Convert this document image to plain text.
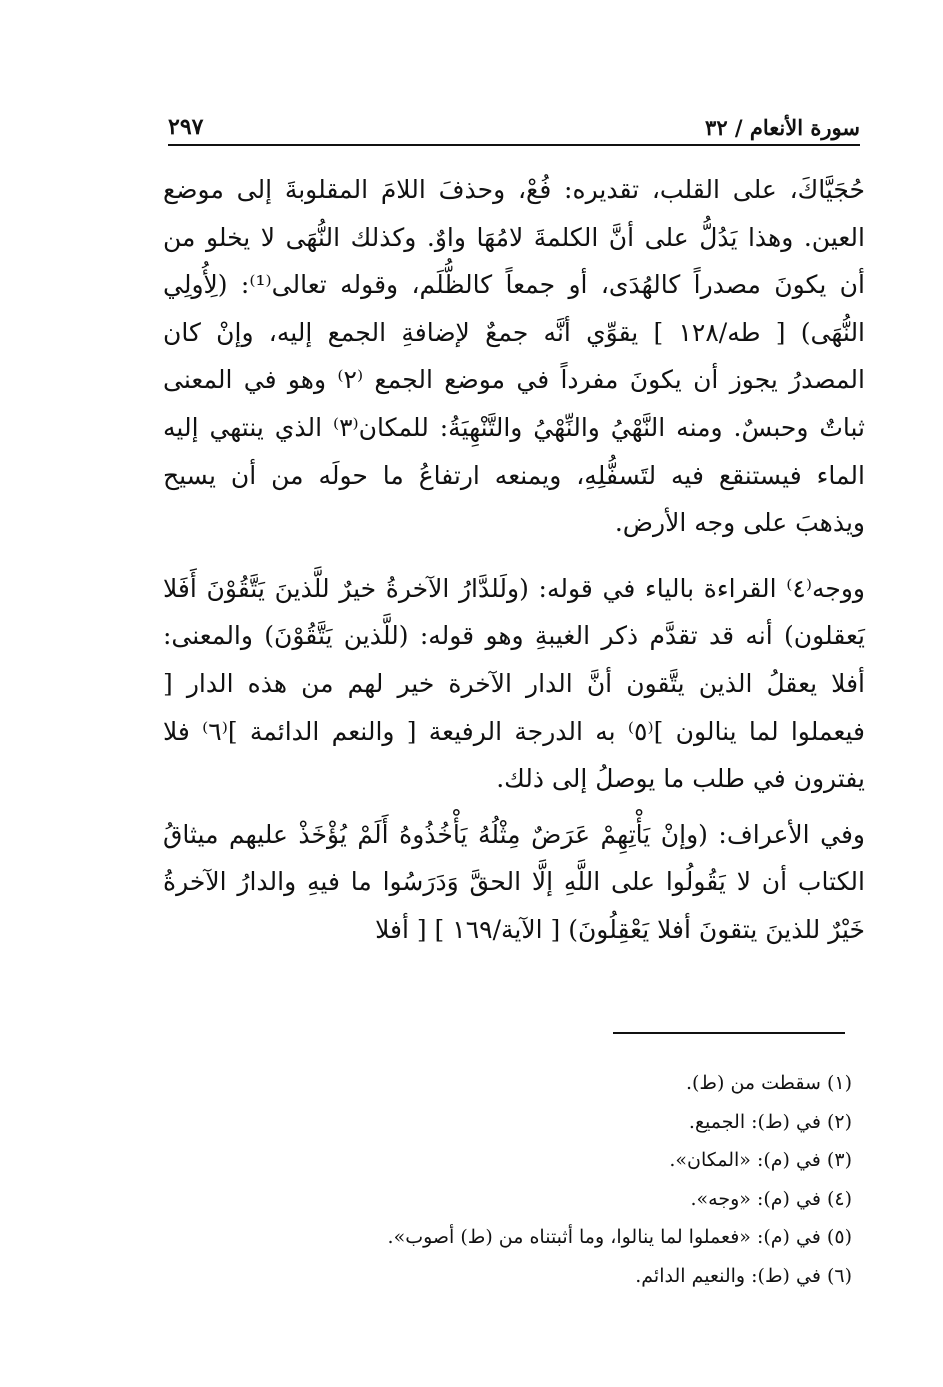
سورة الأنعام / ٣٢
٢٩٧

حُجَيَّاكَ، على القلب، تقديره: فُعْ، وحذفَ اللامَ المقلوبةَ إلى موضع العين. وهذا يَدُلُّ على أنَّ الكلمةَ لامُهَا واوٌ. وكذلك النُّهَى لا يخلو من أن يكونَ مصدراً كالهُدَى، أو جمعاً كالظُّلَم، وقوله تعالى⁽¹⁾: (لِأُولِي النُّهَى) [ طه/١٢٨ ] يقوِّي أنَّه جمعٌ لإضافةِ الجمع إليه، وإنْ كان المصدرُ يجوز أن يكونَ مفرداً في موضع الجمع ⁽٢⁾ وهو في المعنى ثباتٌ وحبسٌ. ومنه النَّهْيُ والنِّهْيُ والتَّنْهِيَةُ: للمكان⁽٣⁾ الذي ينتهي إليه الماء فيستنقع فيه لتَسفُّلِهِ، ويمنعه ارتفاعُ ما حولَه من أن يسيح ويذهبَ على وجه الأرض.

ووجه⁽٤⁾ القراءة بالياء في قوله: (ولَلدَّارُ الآخرةُ خيرٌ للَّذينَ يَتَّقُوْنَ أَفَلا يَعقلون) أنه قد تقدَّم ذكر الغيبةِ وهو قوله: (للَّذين يَتَّقُوْنَ) والمعنى: أفلا يعقلُ الذين يتَّقون أنَّ الدار الآخرة خير لهم من هذه الدار [ فيعملوا لما ينالون ]⁽٥⁾ به الدرجة الرفيعة [ والنعم الدائمة ]⁽٦⁾ فلا يفترون في طلب ما يوصلُ إلى ذلك.

وفي الأعراف: (وإنْ يَأْتِهِمْ عَرَضٌ مِثْلُهُ يَأْخُذُوهُ أَلَمْ يُؤْخَذْ عليهم ميثاقُ الكتاب أن لا يَقُولُوا على اللَّهِ إلَّا الحقَّ وَدَرَسُوا ما فيهِ والدارُ الآخرةُ خَيْرٌ للذينَ يتقونَ أفلا يَعْقِلُونَ) [ الآية/١٦٩ ] [ أفلا

(١) سقطت من (ط).
(٢) في (ط): الجميع.
(٣) في (م): «المكان».
(٤) في (م): «وجه».
(٥) في (م): «فعملوا لما ينالوا، وما أثبتناه من (ط) أصوب».
(٦) في (ط): والنعيم الدائم.
